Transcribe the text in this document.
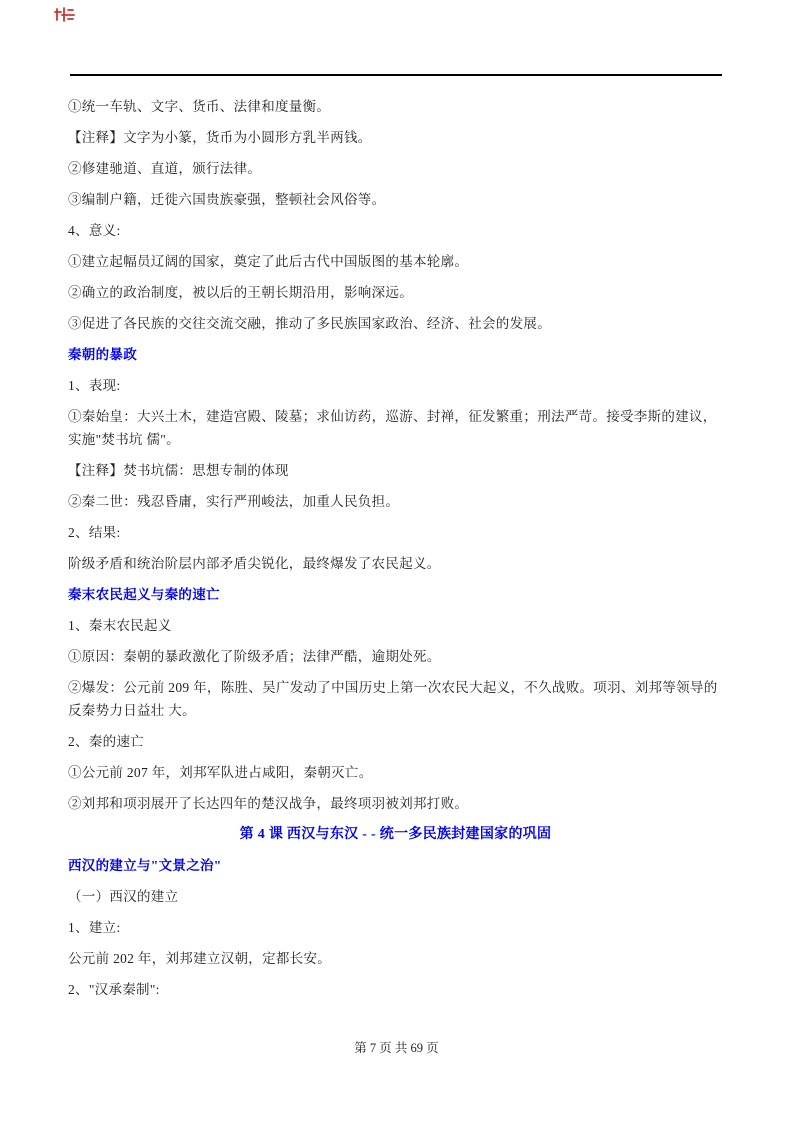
①统一车轨、文字、货币、法律和度量衡。

【注释】文字为小篆，货币为小圆形方乳半两钱。

②修建驰道、直道，颁行法律。

③编制户籍，迁徙六国贵族豪强，整顿社会风俗等。

4、意义:

①建立起幅员辽阔的国家，奠定了此后古代中国版图的基本轮廓。

②确立的政治制度，被以后的王朝长期沿用，影响深远。

③促进了各民族的交往交流交融，推动了多民族国家政治、经济、社会的发展。

秦朝的暴政

1、表现:

①秦始皇：大兴土木，建造宫殿、陵墓；求仙访药，巡游、封禅，征发繁重；刑法严苛。接受李斯的建议，实施"焚书坑 儒"。

【注释】焚书坑儒：思想专制的体现

②秦二世：残忍昏庸，实行严刑峻法，加重人民负担。

2、结果:

阶级矛盾和统治阶层内部矛盾尖锐化，最终爆发了农民起义。

秦末农民起义与秦的速亡

1、秦末农民起义

①原因：秦朝的暴政激化了阶级矛盾；法律严酷，逾期处死。

②爆发：公元前 209 年，陈胜、吴广发动了中国历史上第一次农民大起义，不久战败。项羽、刘邦等领导的反秦势力日益壮 大。

2、秦的速亡

①公元前 207 年，刘邦军队进占咸阳，秦朝灭亡。

②刘邦和项羽展开了长达四年的楚汉战争，最终项羽被刘邦打败。

第 4 课 西汉与东汉 - - 统一多民族封建国家的巩固

西汉的建立与"文景之治"

（一）西汉的建立

1、建立:

公元前 202 年，刘邦建立汉朝，定都长安。

2、"汉承秦制":

第 7 页 共 69 页
